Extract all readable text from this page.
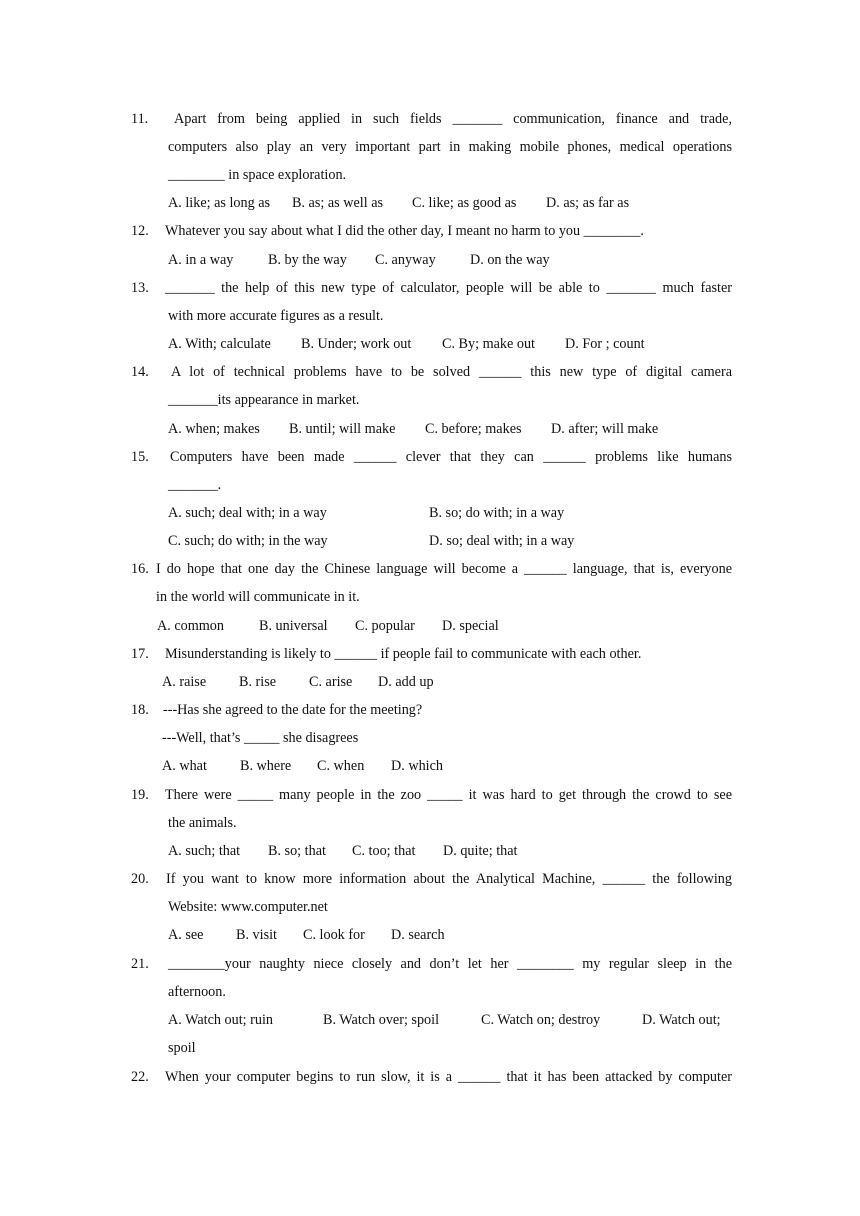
11. Apart from being applied in such fields _______ communication, finance and trade,
computers also play an very important part in making mobile phones, medical operations
________ in space exploration.
A. like; as long as B. as; as well as C. like; as good as D. as; as far as
12. Whatever you say about what I did the other day, I meant no harm to you ________.
A. in a way B. by the way C. anyway D. on the way
13. _______ the help of this new type of calculator, people will be able to _______ much faster
with more accurate figures as a result.
A. With; calculate B. Under; work out C. By; make out D. For ; count
14. A lot of technical problems have to be solved ______ this new type of digital camera
_______its appearance in market.
A. when; makes B. until; will make C. before; makes D. after; will make
15. Computers have been made ______ clever that they can ______ problems like humans
_______.
A. such; deal with; in a way	B. so; do with; in a way
C. such; do with; in the way	D. so; deal with; in a way
16. I do hope that one day the Chinese language will become a ______ language, that is, everyone
in the world will communicate in it.
A. common B. universal C. popular D. special
17. Misunderstanding is likely to ______ if people fail to communicate with each other.
A. raise B. rise C. arise D. add up
18. ---Has she agreed to the date for the meeting?
---Well, that’s _____ she disagrees
A. what B. where C. when D. which
19. There were _____ many people in the zoo _____ it was hard to get through the crowd to see
the animals.
A. such; that B. so; that C. too; that D. quite; that
20. If you want to know more information about the Analytical Machine, ______ the following
Website: www.computer.net
A. see B. visit C. look for D. search
21. ________your naughty niece closely and don’t let her ________ my regular sleep in the
afternoon.
A. Watch out; ruin	B. Watch over; spoil	C. Watch on; destroy	D. Watch out;
spoil
22. When your computer begins to run slow, it is a ______ that it has been attacked by computer
